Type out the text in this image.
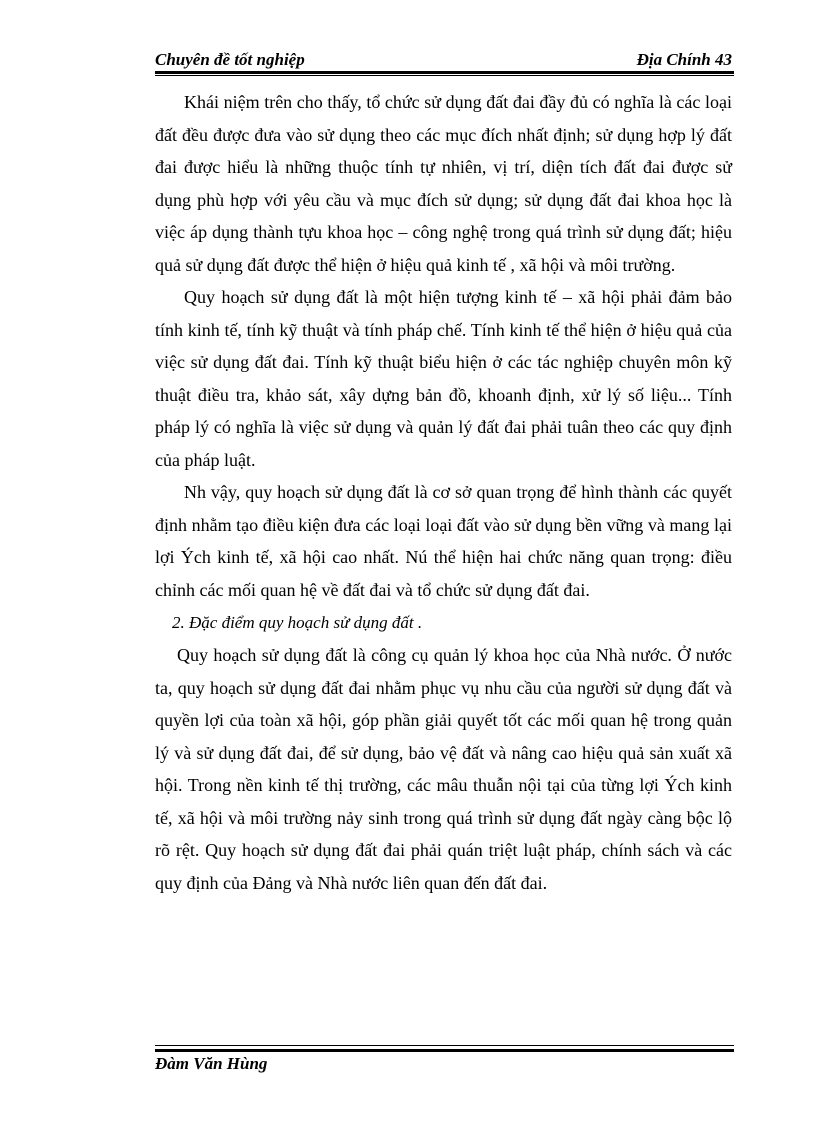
Chuyên đề tốt nghiệp	Địa Chính 43

Khái niệm trên cho thấy, tổ chức sử dụng đất đai đầy đủ có nghĩa là các loại đất đều được đưa vào sử dụng theo các mục đích nhất định; sử dụng hợp lý đất đai được hiểu là những thuộc tính tự nhiên, vị trí, diện tích đất đai được sử dụng phù hợp với yêu cầu và mục đích sử dụng; sử dụng đất đai khoa học là việc áp dụng thành tựu khoa học – công nghệ trong quá trình sử dụng đất; hiệu quả sử dụng đất được thể hiện ở hiệu quả kinh tế , xã hội và môi trường.

Quy hoạch sử dụng đất là một hiện tượng kinh tế – xã hội phải đảm bảo tính kinh tế, tính kỹ thuật và tính pháp chế. Tính kinh tế thể hiện ở hiệu quả của việc sử dụng đất đai. Tính kỹ thuật biểu hiện ở các tác nghiệp chuyên môn kỹ thuật điều tra, khảo sát, xây dựng bản đồ, khoanh định, xử lý số liệu... Tính pháp lý có nghĩa là việc sử dụng và quản lý đất đai phải tuân theo các quy định của pháp luật.

Nh vậy, quy hoạch sử dụng đất là cơ sở quan trọng để hình thành các quyết định nhằm tạo điều kiện đưa các loại loại đất vào sử dụng bền vững và mang lại lợi Ých kinh tế, xã hội cao nhất. Nú thể hiện hai chức năng quan trọng: điều chỉnh các mối quan hệ về đất đai và tổ chức sử dụng đất đai.

2. Đặc điểm quy hoạch sử dụng đất .

Quy hoạch sử dụng đất là công cụ quản lý khoa học của Nhà nước. Ở nước ta, quy hoạch sử dụng đất đai nhằm phục vụ nhu cầu của người sử dụng đất và quyền lợi của toàn xã hội, góp phần giải quyết tốt các mối quan hệ trong quản lý và sử dụng đất đai, để sử dụng, bảo vệ đất và nâng cao hiệu quả sản xuất xã hội. Trong nền kinh tế thị trường, các mâu thuẫn nội tại của từng lợi Ých kinh tế, xã hội và môi trường nảy sinh trong quá trình sử dụng đất ngày càng bộc lộ rõ rệt. Quy hoạch sử dụng đất đai phải quán triệt luật pháp, chính sách và các quy định của Đảng và Nhà nước liên quan đến đất đai.

Đàm Văn Hùng
